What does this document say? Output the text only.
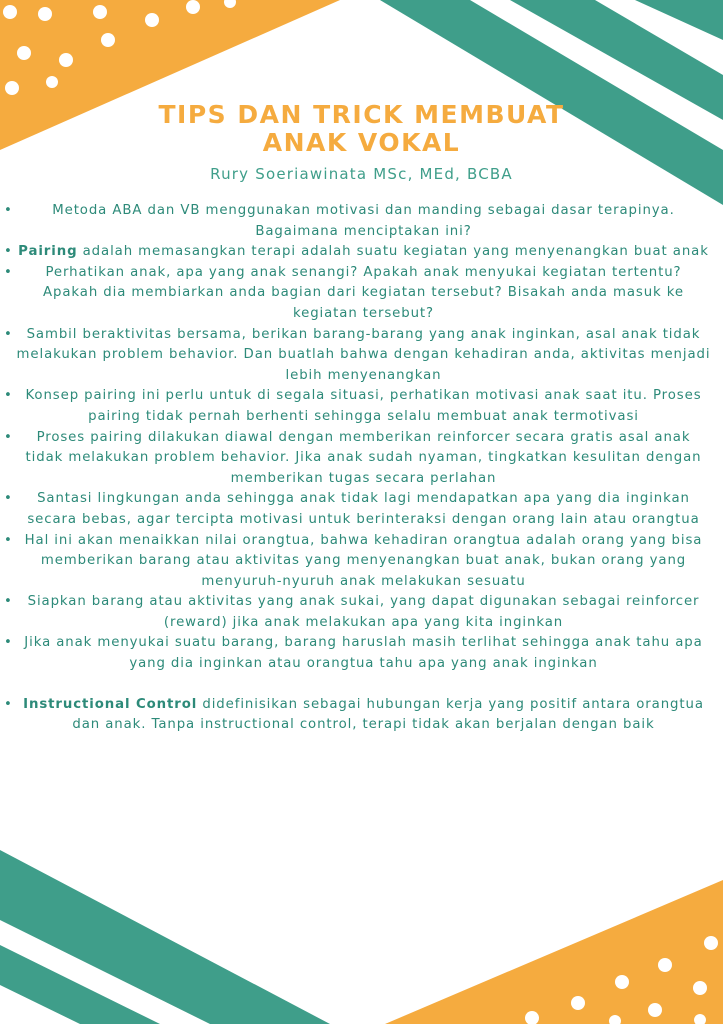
TIPS DAN TRICK MEMBUAT
ANAK VOKAL
Rury Soeriawinata MSc, MEd, BCBA
•	Metoda ABA dan VB menggunakan motivasi dan manding sebagai dasar terapinya. Bagaimana menciptakan ini?
• Pairing adalah memasangkan terapi adalah suatu kegiatan yang menyenangkan buat anak
• Perhatikan anak, apa yang anak senangi? Apakah anak menyukai kegiatan tertentu? Apakah dia membiarkan anda bagian dari kegiatan tersebut? Bisakah anda masuk ke kegiatan tersebut?
• Sambil beraktivitas bersama, berikan barang-barang yang anak inginkan, asal anak tidak melakukan problem behavior. Dan buatlah bahwa dengan kehadiran anda, aktivitas menjadi lebih menyenangkan
• Konsep pairing ini perlu untuk di segala situasi, perhatikan motivasi anak saat itu. Proses pairing tidak pernah berhenti sehingga selalu membuat anak termotivasi
• Proses pairing dilakukan diawal dengan memberikan reinforcer secara gratis asal anak tidak melakukan problem behavior. Jika anak sudah nyaman, tingkatkan kesulitan dengan memberikan tugas secara perlahan
• Santasi lingkungan anda sehingga anak tidak lagi mendapatkan apa yang dia inginkan secara bebas, agar tercipta motivasi untuk berinteraksi dengan orang lain atau orangtua
• Hal ini akan menaikkan nilai orangtua, bahwa kehadiran orangtua adalah orang yang bisa memberikan barang atau aktivitas yang menyenangkan buat anak, bukan orang yang menyuruh-nyuruh anak melakukan sesuatu
• Siapkan barang atau aktivitas yang anak sukai, yang dapat digunakan sebagai reinforcer (reward) jika anak melakukan apa yang kita inginkan
• Jika anak menyukai suatu barang, barang haruslah masih terlihat sehingga anak tahu apa yang dia inginkan atau orangtua tahu apa yang anak inginkan
• Instructional Control didefinisikan sebagai hubungan kerja yang positif antara orangtua dan anak. Tanpa instructional control, terapi tidak akan berjalan dengan baik
